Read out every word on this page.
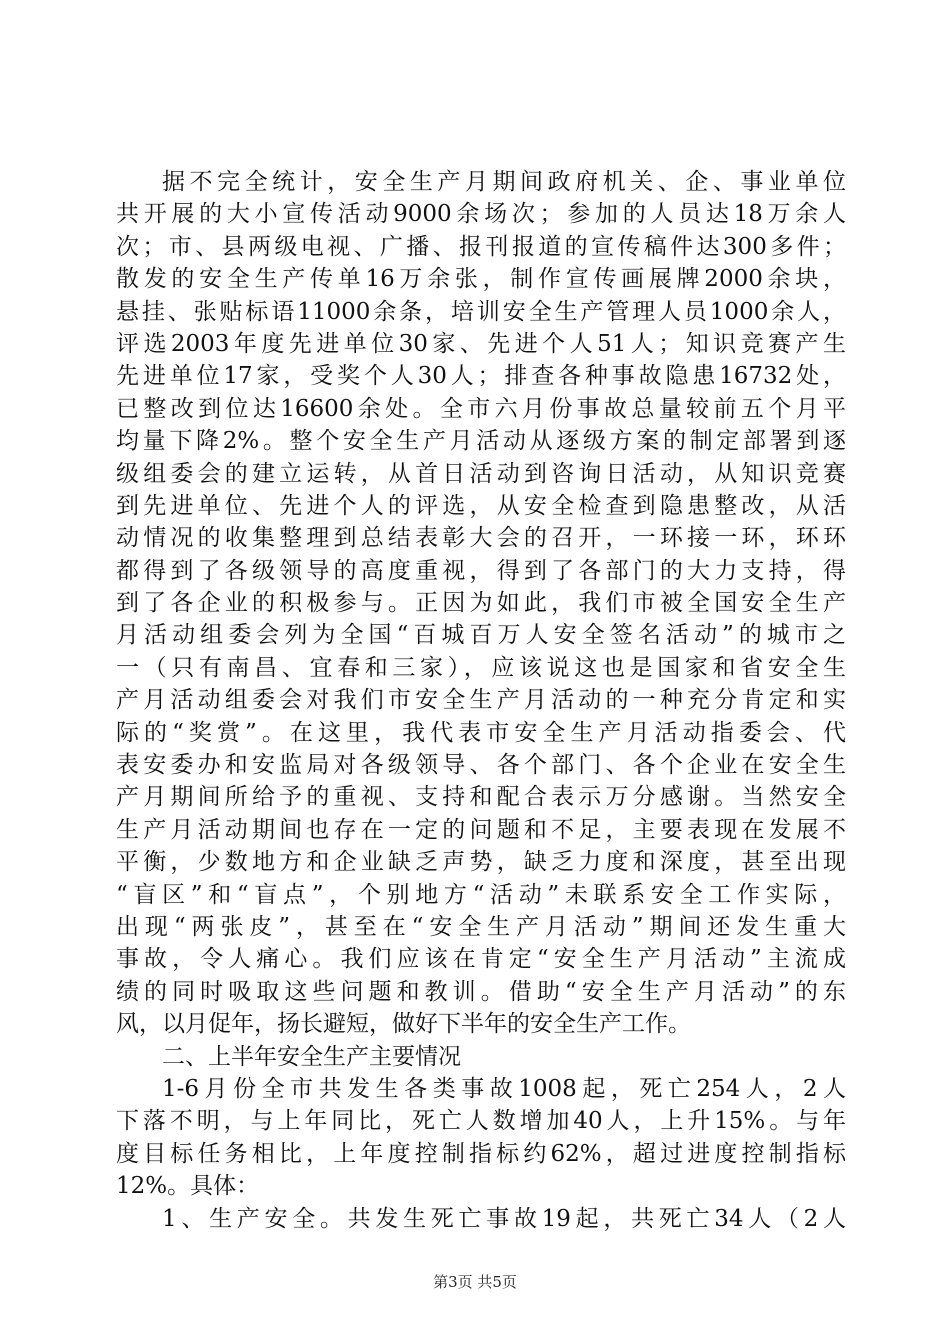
据不完全统计，安全生产月期间政府机关、企、事业单位
共开展的大小宣传活动9000余场次；参加的人员达18万余人
次；市、县两级电视、广播、报刊报道的宣传稿件达300多件；
散发的安全生产传单16万余张，制作宣传画展牌2000余块，
悬挂、张贴标语11000余条，培训安全生产管理人员1000余人，
评选2003年度先进单位30家、先进个人51人；知识竞赛产生
先进单位17家，受奖个人30人；排查各种事故隐患16732处，
已整改到位达16600余处。全市六月份事故总量较前五个月平
均量下降2%。整个安全生产月活动从逐级方案的制定部署到逐
级组委会的建立运转，从首日活动到咨询日活动，从知识竞赛
到先进单位、先进个人的评选，从安全检查到隐患整改，从活
动情况的收集整理到总结表彰大会的召开，一环接一环，环环
都得到了各级领导的高度重视，得到了各部门的大力支持，得
到了各企业的积极参与。正因为如此，我们市被全国安全生产
月活动组委会列为全国“百城百万人安全签名活动”的城市之
一（只有南昌、宜春和三家），应该说这也是国家和省安全生
产月活动组委会对我们市安全生产月活动的一种充分肯定和实
际的“奖赏”。在这里，我代表市安全生产月活动指委会、代
表安委办和安监局对各级领导、各个部门、各个企业在安全生
产月期间所给予的重视、支持和配合表示万分感谢。当然安全
生产月活动期间也存在一定的问题和不足，主要表现在发展不
平衡，少数地方和企业缺乏声势，缺乏力度和深度，甚至出现
“盲区”和“盲点”，个别地方“活动”未联系安全工作实际，
出现“两张皮”，甚至在“安全生产月活动”期间还发生重大
事故，令人痛心。我们应该在肯定“安全生产月活动”主流成
绩的同时吸取这些问题和教训。借助“安全生产月活动”的东
风，以月促年，扬长避短，做好下半年的安全生产工作。
二、上半年安全生产主要情况
1-6月份全市共发生各类事故1008起，死亡254人，2人
下落不明，与上年同比，死亡人数增加40人，上升15%。与年
度目标任务相比，上年度控制指标约62%，超过进度控制指标
12%。具体：
1、生产安全。共发生死亡事故19起，共死亡34人（2人
第3页 共5页
